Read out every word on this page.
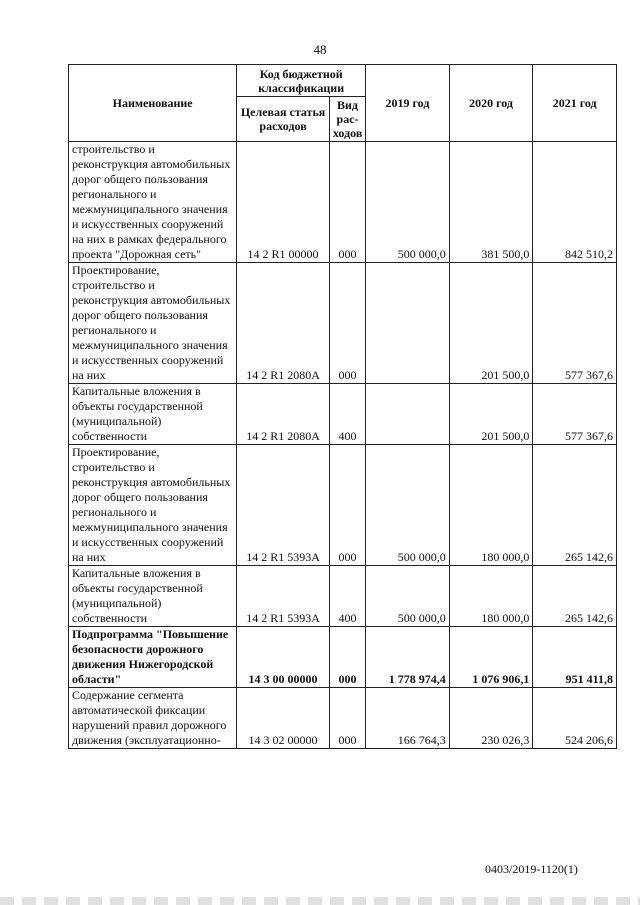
48
Наименование	Код бюджетной классификации		2019 год	2020 год	2021 год
	Целевая статья расходов	Вид рас-ходов			
строительство и реконструкция автомобильных дорог общего пользования регионального и межмуниципального значения и искусственных сооружений на них в рамках федерального проекта "Дорожная сеть"	14 2 R1 00000	000	500 000,0	381 500,0	842 510,2
Проектирование, строительство и реконструкция автомобильных дорог общего пользования регионального и межмуниципального значения и искусственных сооружений на них	14 2 R1 2080A	000		201 500,0	577 367,6
Капитальные вложения в объекты государственной (муниципальной) собственности	14 2 R1 2080A	400		201 500,0	577 367,6
Проектирование, строительство и реконструкция автомобильных дорог общего пользования регионального и межмуниципального значения и искусственных сооружений на них	14 2 R1 5393A	000	500 000,0	180 000,0	265 142,6
Капитальные вложения в объекты государственной (муниципальной) собственности	14 2 R1 5393A	400	500 000,0	180 000,0	265 142,6
Подпрограмма "Повышение безопасности дорожного движения Нижегородской области"	14 3 00 00000	000	1 778 974,4	1 076 906,1	951 411,8
Содержание сегмента автоматической фиксации нарушений правил дорожного движения (эксплуатационно-	14 3 02 00000	000	166 764,3	230 026,3	524 206,6
0403/2019-1120(1)
